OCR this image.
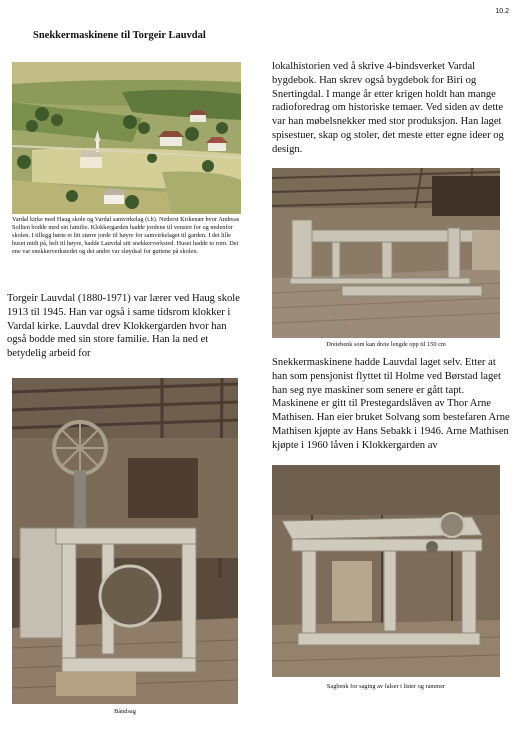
10.2
Snekkermaskinene til Torgeir Lauvdal
Vardal kirke med Haug skole og Vardal samvirkelag (t.h). Nederst Kirkenær hvor Andreas Sollien bodde med sin familie. Klokkergarden hadde jordene til venstre for og nedenfor skolen. I tillegg hørte et litt større jorde til høyre for samvirkelaget til garden. I det lille huset midt på, helt til høyre, hadde Lauvdal sitt snekkerverksted. Huset hadde to rom. Det ene var snekkerverkstedet og det andre var sløydsal for guttene på skolen.

Torgeir Lauvdal (1880-1971) var lærer ved Haug skole 1913 til 1945. Han var også i same tidsrom klokker i Vardal kirke. Lauvdal drev Klokkergarden hvor han også bodde med sin store familie. Han la ned et betydelig arbeid for

lokalhistorien ved å skrive 4-bindsverket Vardal bygdebok. Han skrev også bygdebok for Biri og Snertingdal. I mange år etter krigen holdt han mange radioforedrag om historiske temaer. Ved siden av dette var han møbelsnekker med stor produksjon. Han laget spisestuer, skap og stoler, det meste etter egne ideer og design.

Dreiebenk som kan dreie lengde opp til 150 cm

Snekkermaskinene hadde Lauvdal laget selv. Etter at han som pensjonist flyttet til Holme ved Børstad laget han seg nye maskiner som senere er gått tapt. Maskinene er gitt til Prestegardslåven av Thor Arne Mathisen. Han eier bruket Solvang som bestefaren Arne Mathisen kjøpte av Hans Sebakk i 1946. Arne Mathisen kjøpte i 1960 låven i Klokkergarden av

Båndsag
Sagbenk for saging av falser i lister og rammer
